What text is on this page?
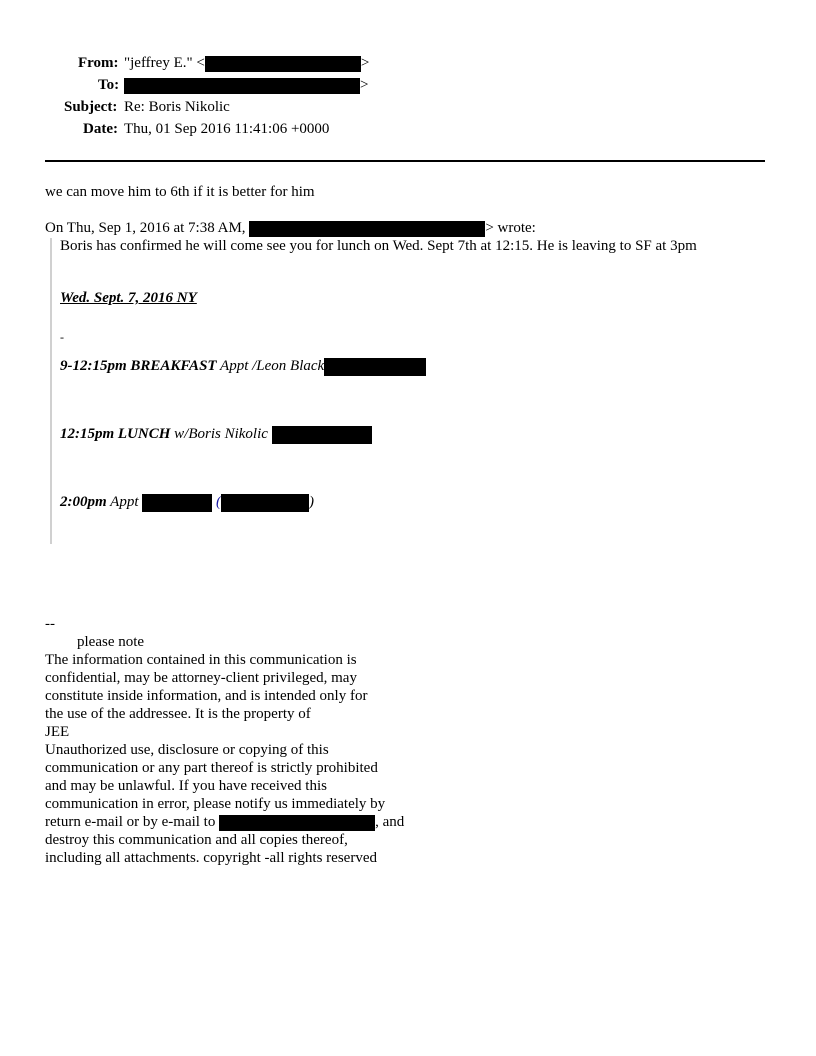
From: "jeffrey E." <	>
To:	>
Subject: Re: Boris Nikolic
Date: Thu, 01 Sep 2016 11:41:06 +0000
we can move him to 6th if it is better for him
On Thu, Sep 1, 2016 at 7:38 AM,	> wrote:
Boris has confirmed he will come see you for lunch on Wed. Sept 7th at 12:15. He is leaving to SF at 3pm
Wed. Sept. 7, 2016 NY
-
9-12:15pm BREAKFAST Appt /Leon Black
12:15pm LUNCH w/Boris Nikolic
2:00pm Appt	(	)
--
please note
The information contained in this communication is
confidential, may be attorney-client privileged, may
constitute inside information, and is intended only for
the use of the addressee. It is the property of
JEE
Unauthorized use, disclosure or copying of this
communication or any part thereof is strictly prohibited
and may be unlawful. If you have received this
communication in error, please notify us immediately by
return e-mail or by e-mail to	, and
destroy this communication and all copies thereof,
including all attachments. copyright -all rights reserved
